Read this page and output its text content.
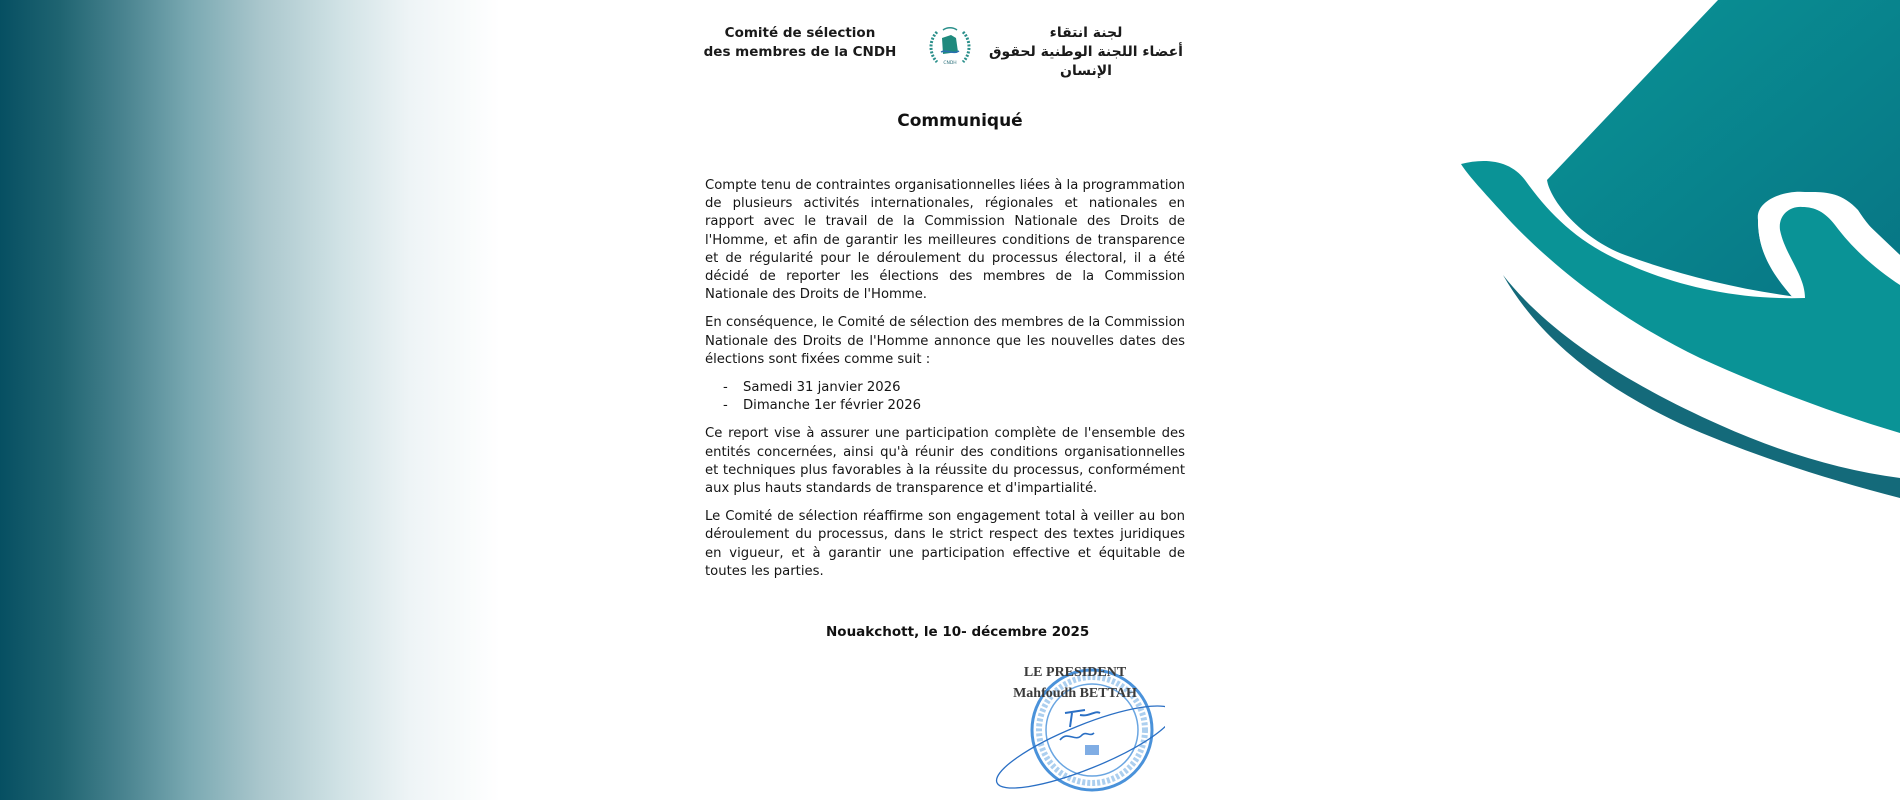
Comité de sélection
des membres de la CNDH
CNDH
لجنة انتقاء
أعضاء اللجنة الوطنية لحقوق الإنسان
Communiqué

Compte tenu de contraintes organisationnelles liées à la programmation de plusieurs activités internationales, régionales et nationales en rapport avec le travail de la Commission Nationale des Droits de l'Homme, et afin de garantir les meilleures conditions de transparence et de régularité pour le déroulement du processus électoral, il a été décidé de reporter les élections des membres de la Commission Nationale des Droits de l'Homme.

En conséquence, le Comité de sélection des membres de la Commission Nationale des Droits de l'Homme annonce que les nouvelles dates des élections sont fixées comme suit :

- Samedi 31 janvier 2026
- Dimanche 1er février 2026

Ce report vise à assurer une participation complète de l'ensemble des entités concernées, ainsi qu'à réunir des conditions organisationnelles et techniques plus favorables à la réussite du processus, conformément aux plus hauts standards de transparence et d'impartialité.

Le Comité de sélection réaffirme son engagement total à veiller au bon déroulement du processus, dans le strict respect des textes juridiques en vigueur, et à garantir une participation effective et équitable de toutes les parties.

Nouakchott, le 10- décembre 2025
LE PRESIDENT
Mahfoudh BETTAH
